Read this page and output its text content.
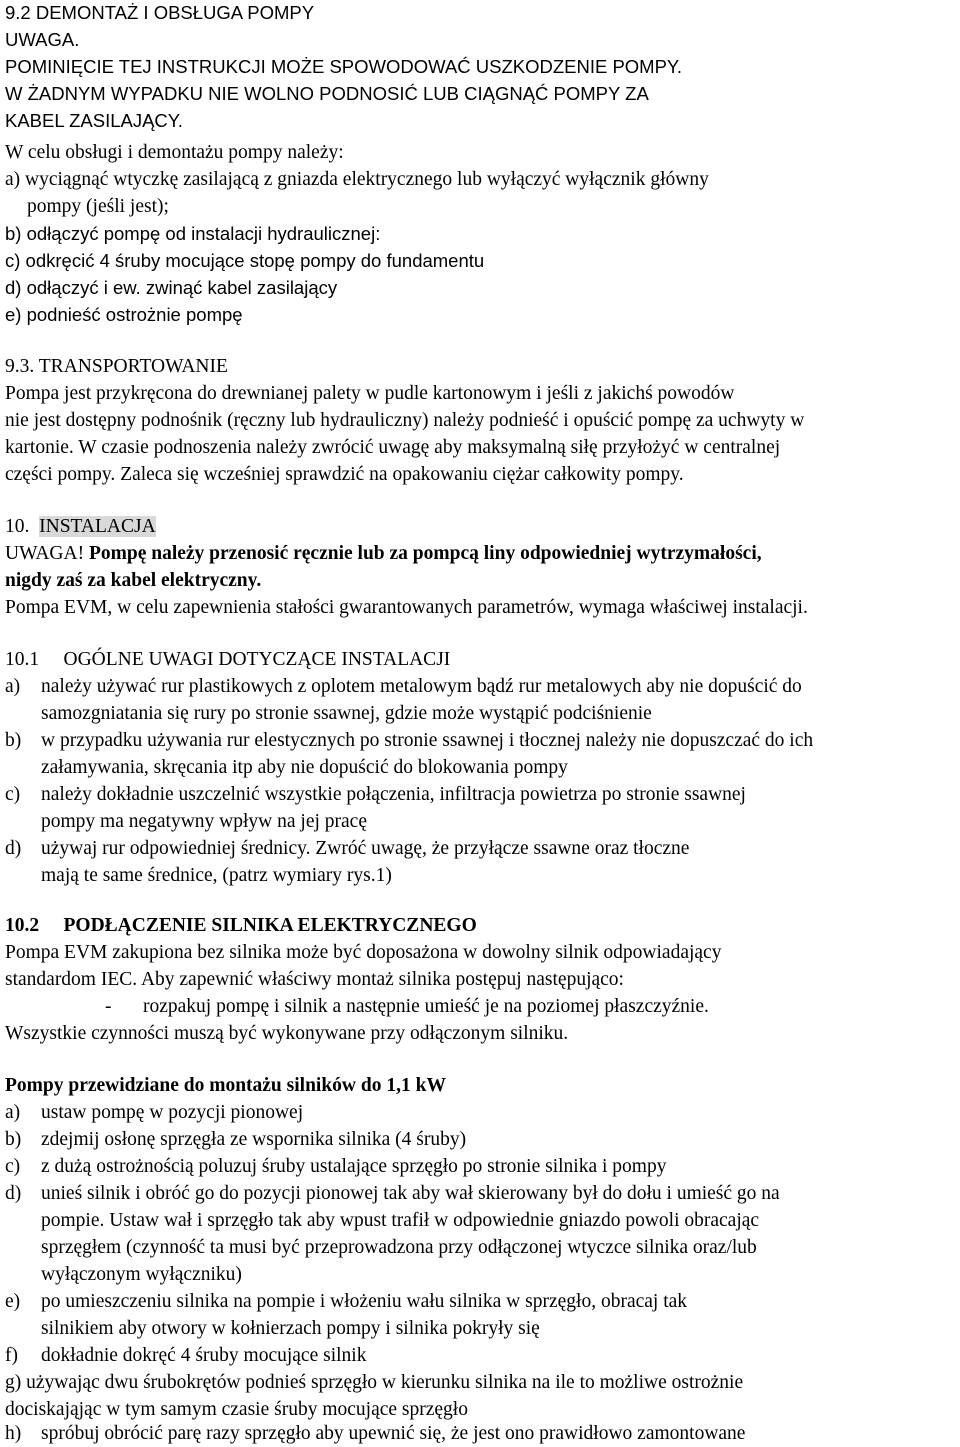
9.2 DEMONTAŻ I OBSŁUGA POMPY
UWAGA.
POMINIĘCIE TEJ INSTRUKCJI MOŻE SPOWODOWAĆ USZKODZENIE POMPY.
W ŻADNYM WYPADKU NIE WOLNO PODNOSIĆ LUB CIĄGNĄĆ POMPY ZA
KABEL ZASILAJĄCY.
W celu obsługi i demontażu pompy należy:
a) wyciągnąć wtyczkę zasilającą z gniazda elektrycznego lub wyłączyć wyłącznik główny
pompy (jeśli jest);
b) odłączyć pompę od instalacji hydraulicznej:
c) odkręcić 4 śruby mocujące stopę pompy do fundamentu
d) odłączyć i ew. zwinąć kabel zasilający
e) podnieść ostrożnie pompę
9.3. TRANSPORTOWANIE
Pompa jest przykręcona do drewnianej palety w pudle kartonowym i jeśli z jakichś powodów
nie jest dostępny podnośnik (ręczny lub hydrauliczny) należy podnieść i opuścić pompę za uchwyty w
kartonie. W czasie podnoszenia należy zwrócić uwagę aby maksymalną siłę przyłożyć w centralnej
części pompy. Zaleca się wcześniej sprawdzić na opakowaniu ciężar całkowity pompy.
10. INSTALACJA
UWAGA! Pompę należy przenosić ręcznie lub za pompcą liny odpowiedniej wytrzymałości,
nigdy zaś za kabel elektryczny.
Pompa EVM, w celu zapewnienia stałości gwarantowanych parametrów, wymaga właściwej instalacji.
10.1     OGÓLNE UWAGI DOTYCZĄCE INSTALACJI
a) należy używać rur plastikowych z oplotem metalowym bądź rur metalowych aby nie dopuścić do
samozgniatania się rury po stronie ssawnej, gdzie może wystąpić podciśnienie
b) w przypadku używania rur elestycznych po stronie ssawnej i tłocznej należy nie dopuszczać do ich
załamywania, skręcania itp aby nie dopuścić do blokowania pompy
c) należy dokładnie uszczelnić wszystkie połączenia, infiltracja powietrza po stronie ssawnej
pompy ma negatywny wpływ na jej pracę
d) używaj rur odpowiedniej średnicy. Zwróć uwagę, że przyłącze ssawne oraz tłoczne
mają te same średnice, (patrz wymiary rys.1)
10.2     PODŁĄCZENIE SILNIKA ELEKTRYCZNEGO
Pompa EVM zakupiona bez silnika może być doposażona w dowolny silnik odpowiadający
standardom IEC. Aby zapewnić właściwy montaż silnika postępuj następująco:
- rozpakuj pompę i silnik a następnie umieść je na poziomej płaszczyźnie.
Wszystkie czynności muszą być wykonywane przy odłączonym silniku.
Pompy przewidziane do montażu silników do 1,1 kW
a) ustaw pompę w pozycji pionowej
b) zdejmij osłonę sprzęgła ze wspornika silnika (4 śruby)
c) z dużą ostrożnością poluzuj śruby ustalające sprzęgło po stronie silnika i pompy
d) unieś silnik i obróć go do pozycji pionowej tak aby wał skierowany był do dołu i umieść go na
pompie. Ustaw wał i sprzęgło tak aby wpust trafił w odpowiednie gniazdo powoli obracając
sprzęgłem (czynność ta musi być przeprowadzona przy odłączonej wtyczce silnika oraz/lub
wyłączonym wyłączniku)
e) po umieszczeniu silnika na pompie i włożeniu wału silnika w sprzęgło, obracaj tak
silnikiem aby otwory w kołnierzach pompy i silnika pokryły się
f) dokładnie dokręć 4 śruby mocujące silnik
g) używając dwu śrubokrętów podnieś sprzęgło w kierunku silnika na ile to możliwe ostrożnie
dociskająjąc w tym samym czasie śruby mocujące sprzęgło
h) spróbuj obrócić parę razy sprzęgło aby upewnić się, że jest ono prawidłowo zamontowane
